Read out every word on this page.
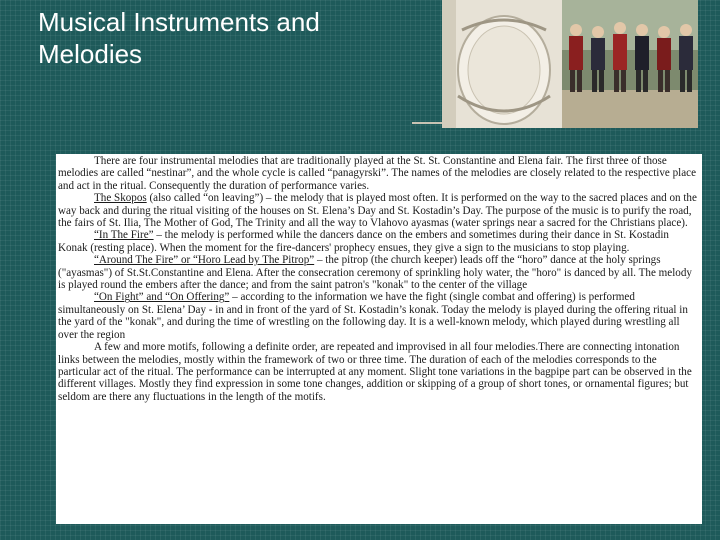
Musical Instruments and Melodies

There are four instrumental melodies that are traditionally played at the St. St. Constantine and Elena fair. The first three of those melodies are called “nestinar”, and the whole cycle is called “panagyrski”. The names of the melodies are closely related to the respective place and act in the ritual. Consequently the duration of performance varies.

The Skopos (also called “on leaving”) – the melody that is played most often. It is performed on the way to the sacred places and on the way back and during the ritual visiting of the houses on St. Elena’s Day and St. Kostadin’s Day. The purpose of the music is to purify the road, the fairs of St. Ilia, The Mother of God, The Trinity and all the way to Vlahovo ayasmas (water springs near a sacred for the Christians place).

“In The Fire” – the melody is performed while the dancers dance on the embers and sometimes during their dance in St. Kostadin Konak (resting place). When the moment for the fire-dancers' prophecy ensues, they give a sign to the musicians to stop playing.

“Around The Fire” or “Horo Lead by The Pitrop” – the pitrop (the church keeper) leads off the “horo” dance at the holy springs ("ayasmas") of St.St.Constantine and Elena. After the consecration ceremony of sprinkling holy water, the "horo" is danced by all. The melody is played round the embers after the dance; and from the saint patron's "konak" to the center of the village

“On Fight” and “On Offering” – according to the information we have the fight (single combat and offering) is performed simultaneously on St. Elena’ Day - in and in front of the yard of St. Kostadin’s konak. Today the melody is played during the offering ritual in the yard of the "konak", and during the time of wrestling on the following day. It is a well-known melody, which played during wrestling all over the region

A few and more motifs, following a definite order, are repeated and improvised in all four melodies.There are connecting intonation links between the melodies, mostly within the framework of two or three time. The duration of each of the melodies corresponds to the particular act of the ritual. The performance can be interrupted at any moment. Slight tone variations in the bagpipe part can be observed in the different villages. Mostly they find expression in some tone changes, addition or skipping of a group of short tones, or ornamental figures; but seldom are there any fluctuations in the length of the motifs.
